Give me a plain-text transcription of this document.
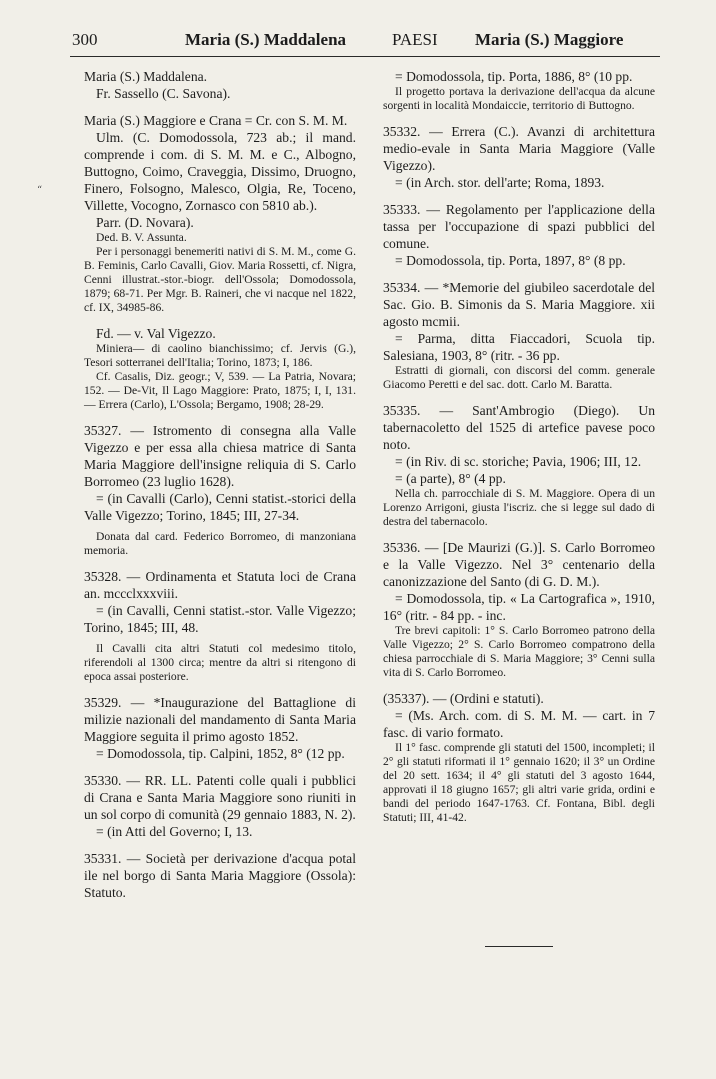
300	Maria (S.) Maddalena	PAESI Maria (S.) Maggiore
“

Maria (S.) Maddalena.

Fr. Sassello (C. Savona).

Maria (S.) Maggiore e Crana = Cr. con S. M. M.

Ulm. (C. Domodossola, 723 ab.; il mand. comprende i com. di S. M. M. e C., Albogno, Buttogno, Coimo, Craveggia, Dissimo, Druogno, Finero, Folsogno, Malesco, Olgia, Re, Toceno, Villette, Vocogno, Zornasco con 5810 ab.).

Parr. (D. Novara).

Ded. B. V. Assunta.

Per i personaggi benemeriti nativi di S. M. M., come G. B. Feminis, Carlo Cavalli, Giov. Maria Rossetti, cf. Nigra, Cenni illustrat.-stor.-biogr. dell'Ossola; Domodossola, 1879; 68-71. Per Mgr. B. Raineri, che vi nacque nel 1822, cf. IX, 34985-86.

Fd. — v. Val Vigezzo.

Miniera— di caolino bianchissimo; cf. Jervis (G.), Tesori sotterranei dell'Italia; Torino, 1873; I, 186.

Cf. Casalis, Diz. geogr.; V, 539. — La Patria, Novara; 152. — De-Vit, Il Lago Maggiore: Prato, 1875; I, I, 131. — Errera (Carlo), L'Ossola; Bergamo, 1908; 28-29.

35327. — Istromento di consegna alla Valle Vigezzo e per essa alla chiesa matrice di Santa Maria Maggiore dell'insigne reliquia di S. Carlo Borromeo (23 luglio 1628).

= (in Cavalli (Carlo), Cenni statist.-storici della Valle Vigezzo; Torino, 1845; III, 27-34.

Donata dal card. Federico Borromeo, di manzoniana memoria.

35328. — Ordinamenta et Statuta loci de Crana an. mccclxxxviii.

= (in Cavalli, Cenni statist.-stor. Valle Vigezzo; Torino, 1845; III, 48.

Il Cavalli cita altri Statuti col medesimo titolo, riferendoli al 1300 circa; mentre da altri si ritengono di epoca assai posteriore.

35329. — *Inaugurazione del Battaglione di milizie nazionali del mandamento di Santa Maria Maggiore seguita il primo agosto 1852.

= Domodossola, tip. Calpini, 1852, 8° (12 pp.

35330. — RR. LL. Patenti colle quali i pubblici di Crana e Santa Maria Maggiore sono riuniti in un sol corpo di comunità (29 gennaio 1883, N. 2).

= (in Atti del Governo; I, 13.

35331. — Società per derivazione d'acqua potal ile nel borgo di Santa Maria Maggiore (Ossola): Statuto.

= Domodossola, tip. Porta, 1886, 8° (10 pp.

Il progetto portava la derivazione dell'acqua da alcune sorgenti in località Mondaiccie, territorio di Buttogno.

35332. — Errera (C.). Avanzi di architettura medio-evale in Santa Maria Maggiore (Valle Vigezzo).

= (in Arch. stor. dell'arte; Roma, 1893.

35333. — Regolamento per l'applicazione della tassa per l'occupazione di spazi pubblici del comune.

= Domodossola, tip. Porta, 1897, 8° (8 pp.

35334. — *Memorie del giubileo sacerdotale del Sac. Gio. B. Simonis da S. Maria Maggiore. xii agosto mcmii.

= Parma, ditta Fiaccadori, Scuola tip. Salesiana, 1903, 8° (ritr. - 36 pp.

Estratti di giornali, con discorsi del comm. generale Giacomo Peretti e del sac. dott. Carlo M. Baratta.

35335. — Sant'Ambrogio (Diego). Un tabernacoletto del 1525 di artefice pavese poco noto.

= (in Riv. di sc. storiche; Pavia, 1906; III, 12.

= (a parte), 8° (4 pp.

Nella ch. parrocchiale di S. M. Maggiore. Opera di un Lorenzo Arrigoni, giusta l'iscriz. che si legge sul dado di destra del tabernacolo.

35336. — [De Maurizi (G.)]. S. Carlo Borromeo e la Valle Vigezzo. Nel 3° centenario della canonizzazione del Santo (di G. D. M.).

= Domodossola, tip. « La Cartografica », 1910, 16° (ritr. - 84 pp. - inc.

Tre brevi capitoli: 1° S. Carlo Borromeo patrono della Valle Vigezzo; 2° S. Carlo Borromeo compatrono della chiesa parrocchiale di S. Maria Maggiore; 3° Cenni sulla vita di S. Carlo Borromeo.

(35337). — (Ordini e statuti).

= (Ms. Arch. com. di S. M. M. — cart. in 7 fasc. di vario formato.

Il 1° fasc. comprende gli statuti del 1500, incompleti; il 2° gli statuti riformati il 1° gennaio 1620; il 3° un Ordine del 20 sett. 1634; il 4° gli statuti del 3 agosto 1644, approvati il 18 giugno 1657; gli altri varie grida, ordini e bandi del periodo 1647-1763. Cf. Fontana, Bibl. degli Statuti; III, 41-42.
